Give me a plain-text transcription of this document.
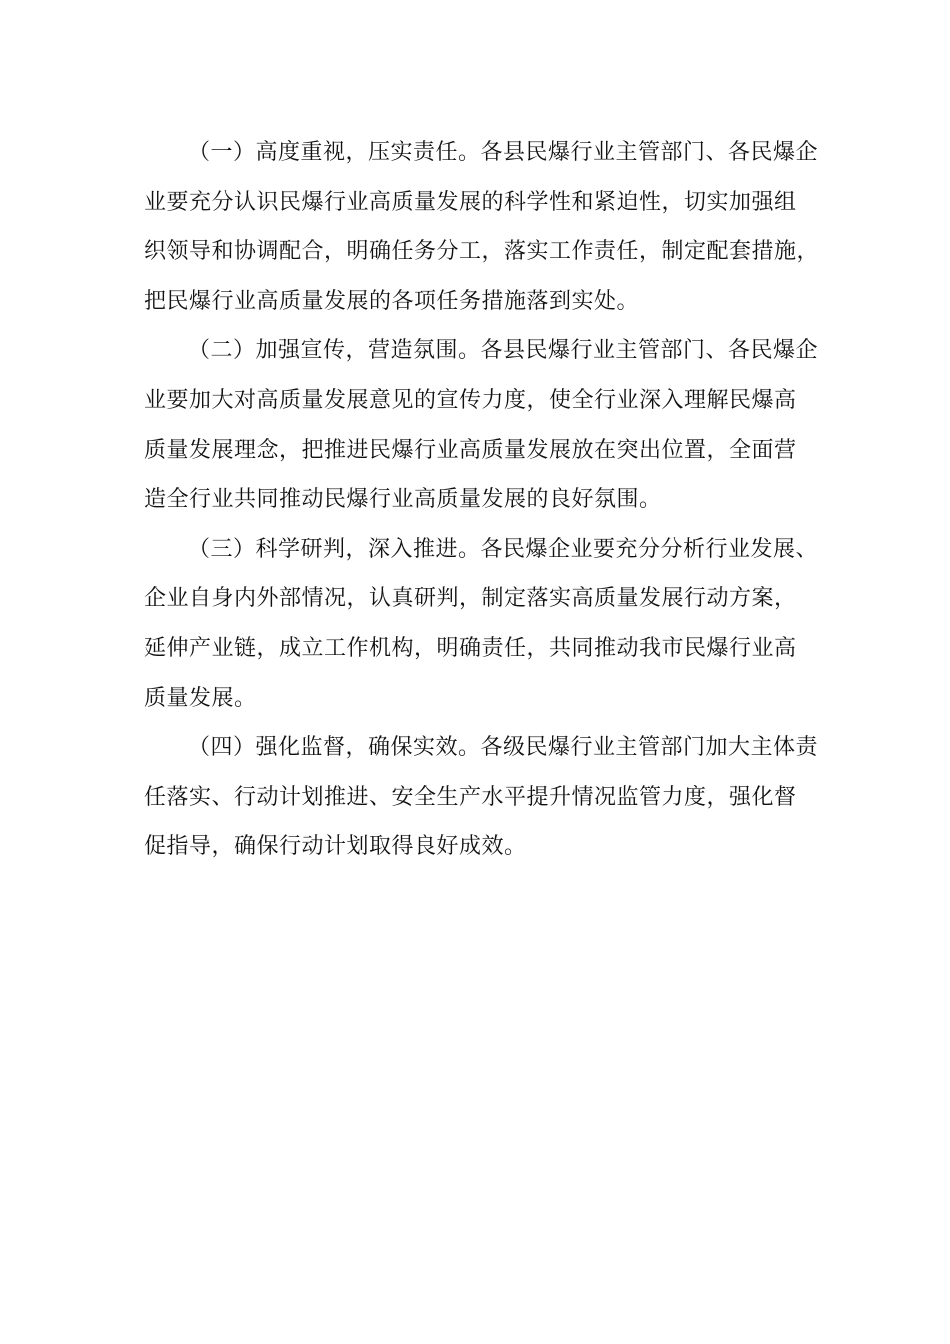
（一）高度重视，压实责任。各县民爆行业主管部门、各民爆企
业要充分认识民爆行业高质量发展的科学性和紧迫性，切实加强组
织领导和协调配合，明确任务分工，落实工作责任，制定配套措施，
把民爆行业高质量发展的各项任务措施落到实处。
（二）加强宣传，营造氛围。各县民爆行业主管部门、各民爆企
业要加大对高质量发展意见的宣传力度，使全行业深入理解民爆高
质量发展理念，把推进民爆行业高质量发展放在突出位置，全面营
造全行业共同推动民爆行业高质量发展的良好氛围。
（三）科学研判，深入推进。各民爆企业要充分分析行业发展、
企业自身内外部情况，认真研判，制定落实高质量发展行动方案，
延伸产业链，成立工作机构，明确责任，共同推动我市民爆行业高
质量发展。
（四）强化监督，确保实效。各级民爆行业主管部门加大主体责
任落实、行动计划推进、安全生产水平提升情况监管力度，强化督
促指导，确保行动计划取得良好成效。
